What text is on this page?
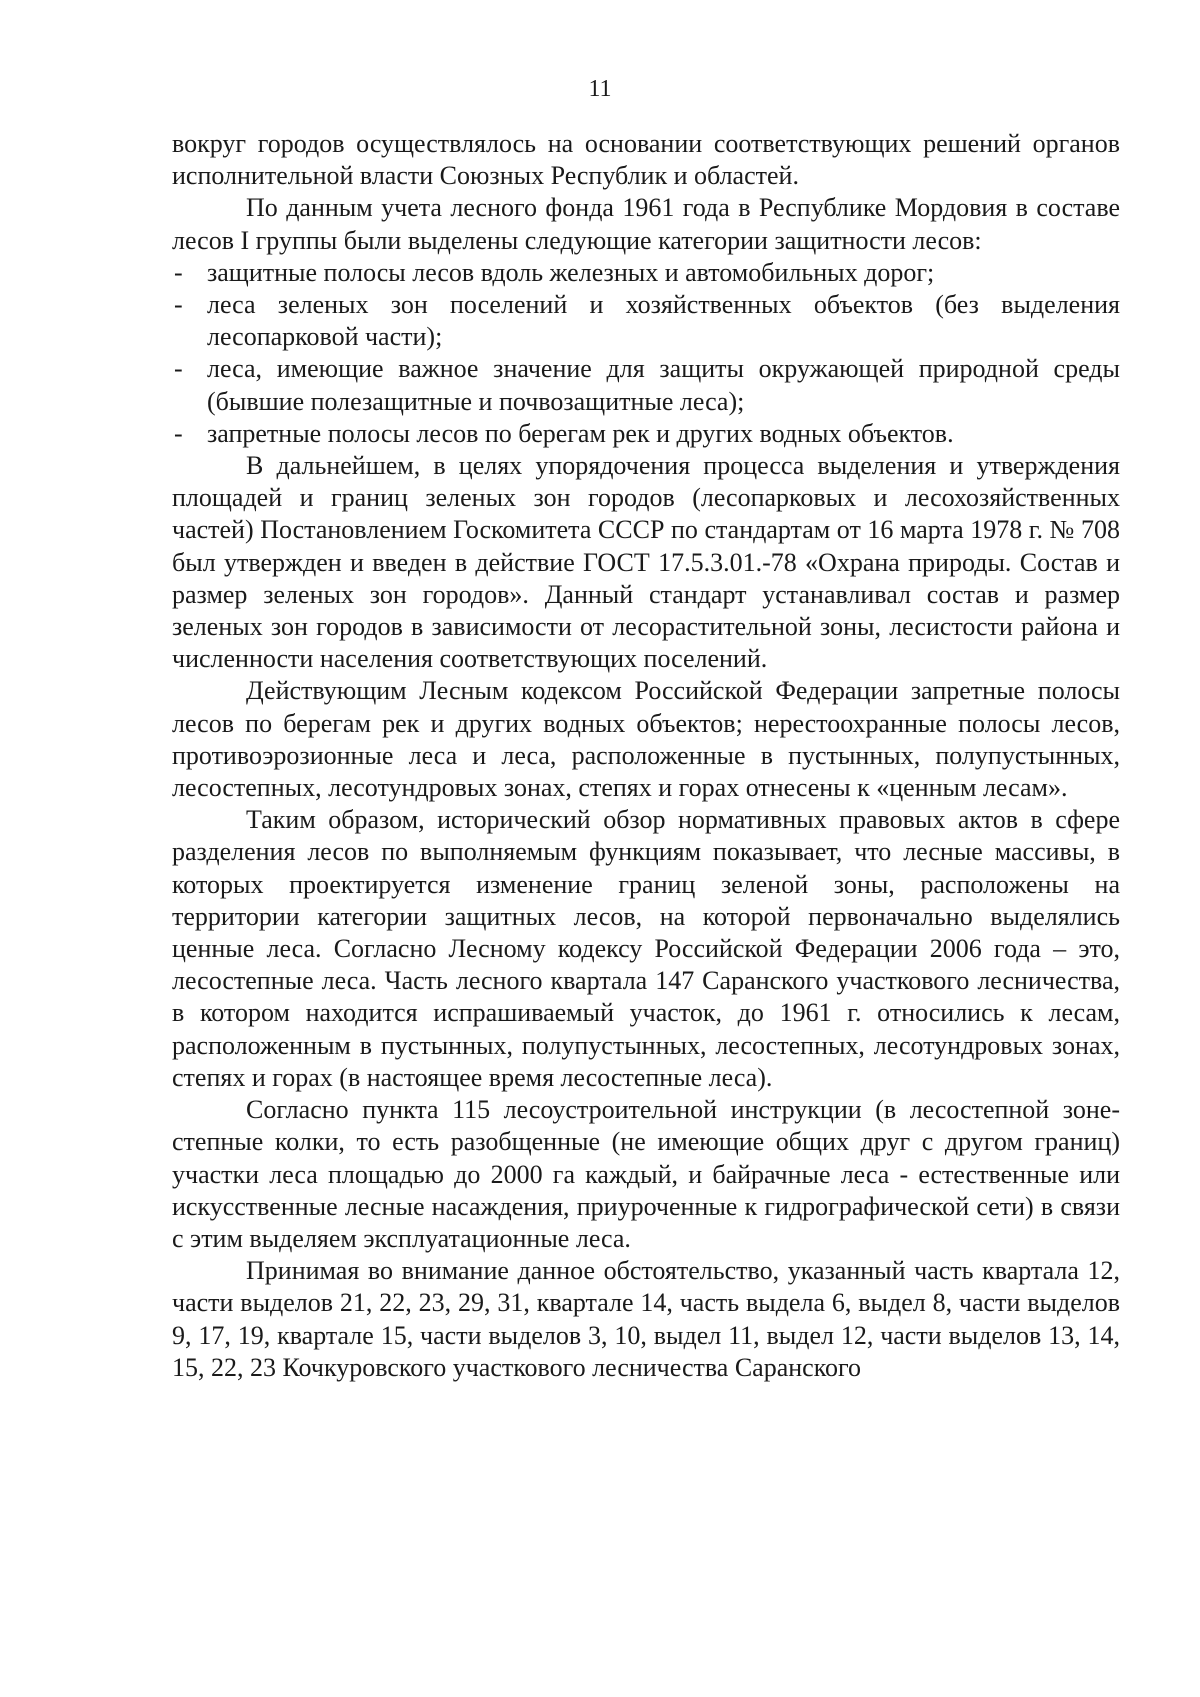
11

вокруг городов осуществлялось на основании соответствующих решений органов исполнительной власти Союзных Республик и областей.

По данным учета лесного фонда 1961 года в Республике Мордовия в составе лесов I группы были выделены следующие категории защитности лесов:

- защитные полосы лесов вдоль железных и автомобильных дорог;
- леса зеленых зон поселений и хозяйственных объектов (без выделения лесопарковой части);
- леса, имеющие важное значение для защиты окружающей природной среды (бывшие полезащитные и почвозащитные леса);
- запретные полосы лесов по берегам рек и других водных объектов.

В дальнейшем, в целях упорядочения процесса выделения и утверждения площадей и границ зеленых зон городов (лесопарковых и лесохозяйственных частей) Постановлением Госкомитета СССР по стандартам от 16 марта 1978 г. № 708 был утвержден и введен в действие ГОСТ 17.5.3.01.-78 «Охрана природы. Состав и размер зеленых зон городов». Данный стандарт устанавливал состав и размер зеленых зон городов в зависимости от лесорастительной зоны, лесистости района и численности населения соответствующих поселений.

Действующим Лесным кодексом Российской Федерации запретные полосы лесов по берегам рек и других водных объектов; нерестоохранные полосы лесов, противоэрозионные леса и леса, расположенные в пустынных, полупустынных, лесостепных, лесотундровых зонах, степях и горах отнесены к «ценным лесам».

Таким образом, исторический обзор нормативных правовых актов в сфере разделения лесов по выполняемым функциям показывает, что лесные массивы, в которых проектируется изменение границ зеленой зоны, расположены на территории категории защитных лесов, на которой первоначально выделялись ценные леса. Согласно Лесному кодексу Российской Федерации 2006 года – это, лесостепные леса. Часть лесного квартала 147 Саранского участкового лесничества, в котором находится испрашиваемый участок, до 1961 г. относились к лесам, расположенным в пустынных, полупустынных, лесостепных, лесотундровых зонах, степях и горах (в настоящее время лесостепные леса).

Согласно пункта 115 лесоустроительной инструкции (в лесостепной зоне-степные колки, то есть разобщенные (не имеющие общих друг с другом границ) участки леса площадью до 2000 га каждый, и байрачные леса - естественные или искусственные лесные насаждения, приуроченные к гидрографической сети) в связи с этим выделяем эксплуатационные леса.

Принимая во внимание данное обстоятельство, указанный часть квартала 12, части выделов 21, 22, 23, 29, 31, квартале 14, часть выдела 6, выдел 8, части выделов 9, 17, 19, квартале 15, части выделов 3, 10, выдел 11, выдел 12, части выделов 13, 14, 15, 22, 23 Кочкуровского участкового лесничества Саранского
